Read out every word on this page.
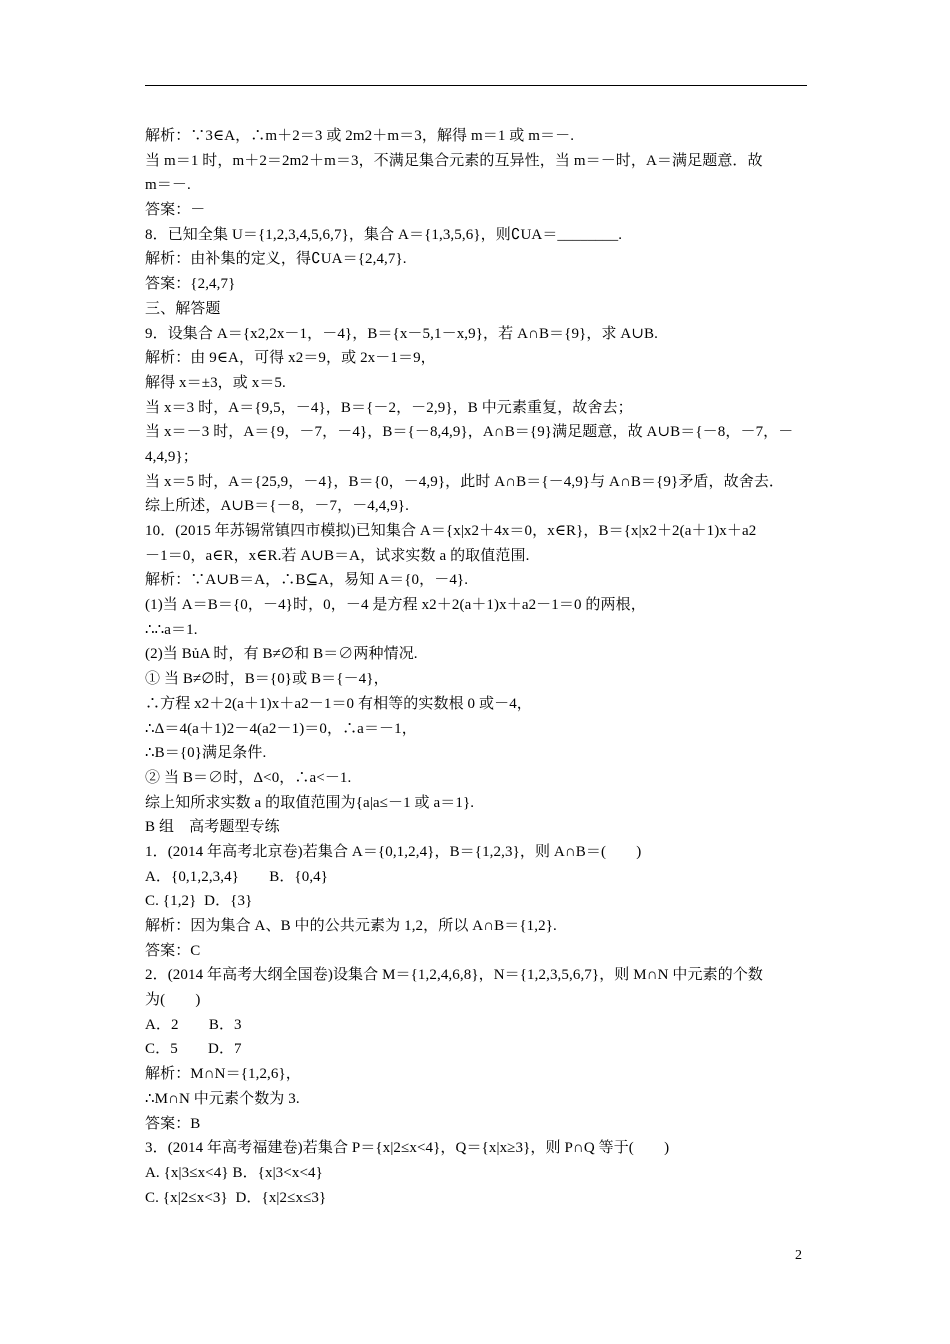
解析：∵3∈A，∴m＋2＝3 或 2m2＋m＝3，解得 m＝1 或 m＝－.
当 m＝1 时，m＋2＝2m2＋m＝3，不满足集合元素的互异性，当 m＝－时，A＝满足题意．故
m＝－.
答案：－
8．已知全集 U＝{1,2,3,4,5,6,7}，集合 A＝{1,3,5,6}，则∁UA＝________.
解析：由补集的定义，得∁UA＝{2,4,7}.
答案：{2,4,7}
三、解答题
9．设集合 A＝{x2,2x－1，－4}，B＝{x－5,1－x,9}，若 A∩B＝{9}，求 A∪B.
解析：由 9∈A，可得 x2＝9，或 2x－1＝9，
解得 x＝±3，或 x＝5.
当 x＝3 时，A＝{9,5，－4}，B＝{－2，－2,9}，B 中元素重复，故舍去；
当 x＝－3 时，A＝{9，－7，－4}，B＝{－8,4,9}，A∩B＝{9}满足题意，故 A∪B＝{－8，－7，－
4,4,9}；
当 x＝5 时，A＝{25,9，－4}，B＝{0，－4,9}，此时 A∩B＝{－4,9}与 A∩B＝{9}矛盾，故舍去．
综上所述，A∪B＝{－8，－7，－4,4,9}.
10．(2015 年苏锡常镇四市模拟)已知集合 A＝{x|x2＋4x＝0，x∈R}，B＝{x|x2＋2(a＋1)x＋a2
－1＝0，a∈R，x∈R.若 A∪B＝A，试求实数 a 的取值范围.
解析：∵A∪B＝A，∴B⊆A，易知 A＝{0，－4}.
(1)当 A＝B＝{0，－4}时，0，－4 是方程 x2＋2(a＋1)x＋a2－1＝0 的两根，
∴∴a＝1.
(2)当 BủA 时，有 B≠∅和 B＝∅两种情况.
① 当 B≠∅时，B＝{0}或 B＝{－4}，
∴方程 x2＋2(a＋1)x＋a2－1＝0 有相等的实数根 0 或－4，
∴Δ＝4(a＋1)2－4(a2－1)＝0，∴a＝－1，
∴B＝{0}满足条件.
② 当 B＝∅时，Δ<0，∴a<－1.
综上知所求实数 a 的取值范围为{a|a≤－1 或 a＝1}.
B 组　高考题型专练
1．(2014 年高考北京卷)若集合 A＝{0,1,2,4}，B＝{1,2,3}，则 A∩B＝(　　)
A．{0,1,2,3,4}　　B．{0,4}
C. {1,2}  D．{3}
解析：因为集合 A、B 中的公共元素为 1,2，所以 A∩B＝{1,2}.
答案：C
2．(2014 年高考大纲全国卷)设集合 M＝{1,2,4,6,8}，N＝{1,2,3,5,6,7}，则 M∩N 中元素的个数
为(　　)
A．2　　B．3
C．5　　D．7
解析：M∩N＝{1,2,6}，
∴M∩N 中元素个数为 3.
答案：B
3．(2014 年高考福建卷)若集合 P＝{x|2≤x<4}，Q＝{x|x≥3}，则 P∩Q 等于(　　)
A. {x|3≤x<4} B．{x|3<x<4}
C. {x|2≤x<3}  D．{x|2≤x≤3}
2
